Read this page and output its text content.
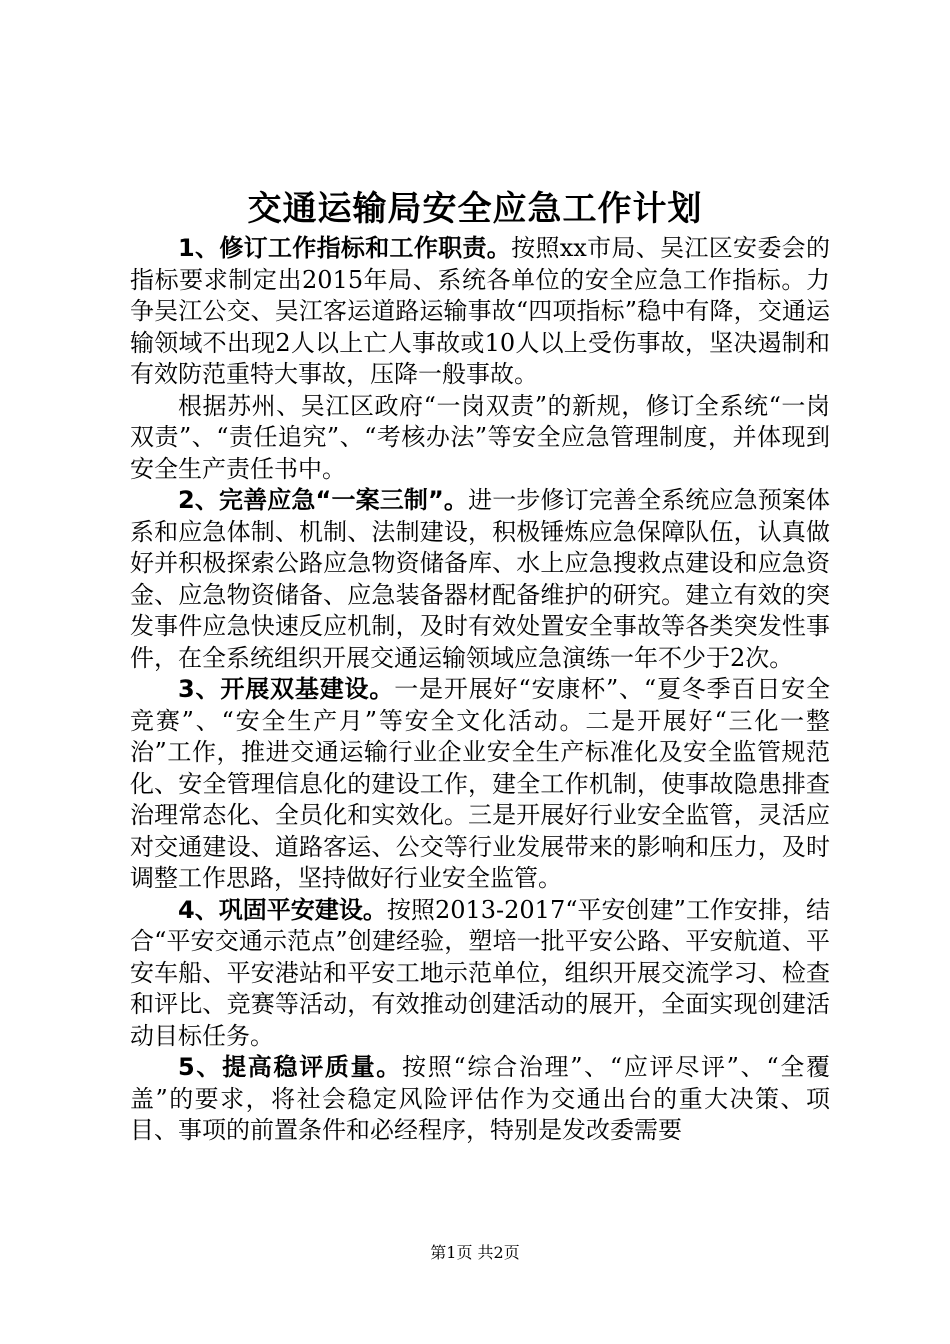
交通运输局安全应急工作计划

1、修订工作指标和工作职责。按照xx市局、吴江区安委会的指标要求制定出2015年局、系统各单位的安全应急工作指标。力争吴江公交、吴江客运道路运输事故“四项指标”稳中有降，交通运输领域不出现2人以上亡人事故或10人以上受伤事故，坚决遏制和有效防范重特大事故，压降一般事故。

根据苏州、吴江区政府“一岗双责”的新规，修订全系统“一岗双责”、“责任追究”、“考核办法”等安全应急管理制度，并体现到安全生产责任书中。

2、完善应急“一案三制”。进一步修订完善全系统应急预案体系和应急体制、机制、法制建设，积极锤炼应急保障队伍，认真做好并积极探索公路应急物资储备库、水上应急搜救点建设和应急资金、应急物资储备、应急装备器材配备维护的研究。建立有效的突发事件应急快速反应机制，及时有效处置安全事故等各类突发性事件，在全系统组织开展交通运输领域应急演练一年不少于2次。

3、开展双基建设。一是开展好“安康杯”、“夏冬季百日安全竞赛”、“安全生产月”等安全文化活动。二是开展好“三化一整治”工作，推进交通运输行业企业安全生产标准化及安全监管规范化、安全管理信息化的建设工作，建全工作机制，使事故隐患排查治理常态化、全员化和实效化。三是开展好行业安全监管，灵活应对交通建设、道路客运、公交等行业发展带来的影响和压力，及时调整工作思路，坚持做好行业安全监管。

4、巩固平安建设。按照2013-2017“平安创建”工作安排，结合“平安交通示范点”创建经验，塑培一批平安公路、平安航道、平安车船、平安港站和平安工地示范单位，组织开展交流学习、检查和评比、竞赛等活动，有效推动创建活动的展开，全面实现创建活动目标任务。

5、提高稳评质量。按照“综合治理”、“应评尽评”、“全覆盖”的要求，将社会稳定风险评估作为交通出台的重大决策、项目、事项的前置条件和必经程序，特别是发改委需要

第1页 共2页
